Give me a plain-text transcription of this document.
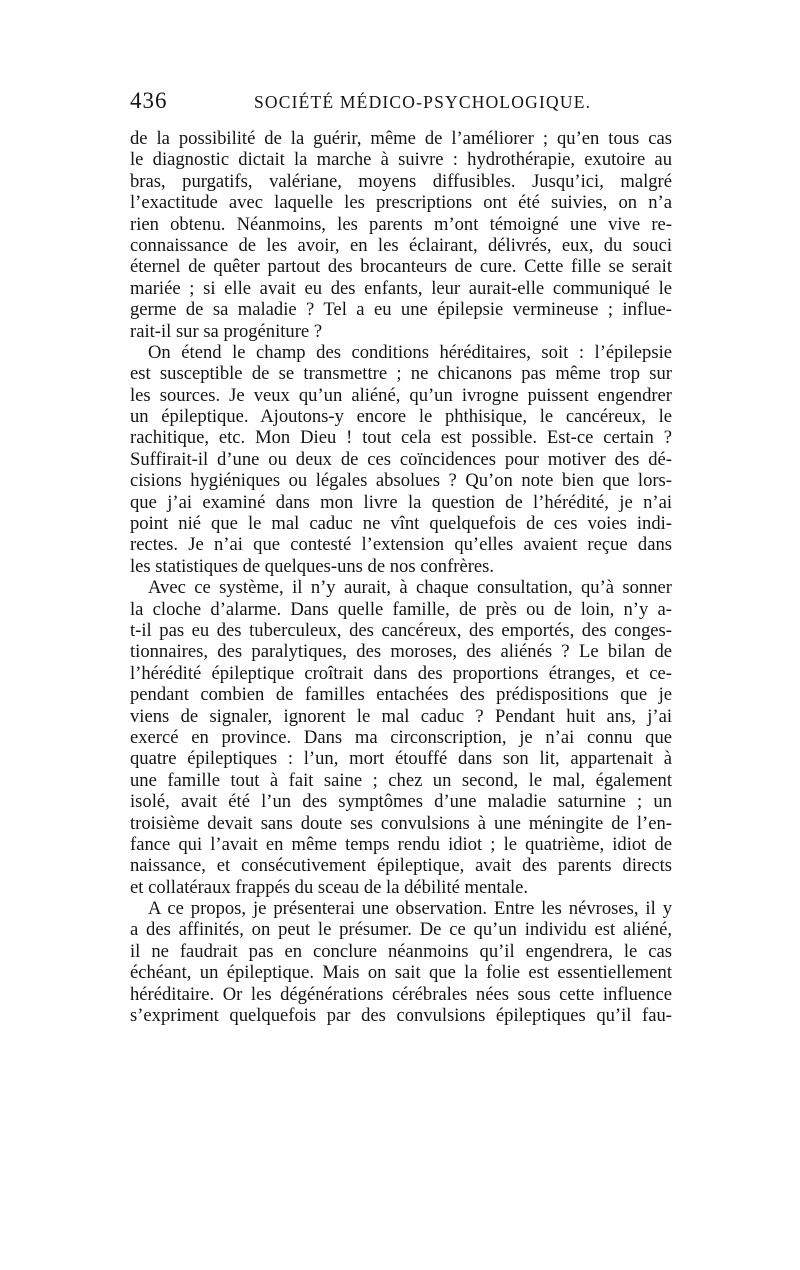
436	SOCIÉTÉ MÉDICO-PSYCHOLOGIQUE.
de la possibilité de la guérir, même de l’améliorer ; qu’en tous cas
le diagnostic dictait la marche à suivre : hydrothérapie, exutoire au
bras, purgatifs, valériane, moyens diffusibles. Jusqu’ici, malgré
l’exactitude avec laquelle les prescriptions ont été suivies, on n’a
rien obtenu. Néanmoins, les parents m’ont témoigné une vive re-
connaissance de les avoir, en les éclairant, délivrés, eux, du souci
éternel de quêter partout des brocanteurs de cure. Cette fille se serait
mariée ; si elle avait eu des enfants, leur aurait-elle communiqué le
germe de sa maladie ? Tel a eu une épilepsie vermineuse ; influe-
rait-il sur sa progéniture ?
On étend le champ des conditions héréditaires, soit : l’épilepsie
est susceptible de se transmettre ; ne chicanons pas même trop sur
les sources. Je veux qu’un aliéné, qu’un ivrogne puissent engendrer
un épileptique. Ajoutons-y encore le phthisique, le cancéreux, le
rachitique, etc. Mon Dieu ! tout cela est possible. Est-ce certain ?
Suffirait-il d’une ou deux de ces coïncidences pour motiver des dé-
cisions hygiéniques ou légales absolues ? Qu’on note bien que lors-
que j’ai examiné dans mon livre la question de l’hérédité, je n’ai
point nié que le mal caduc ne vînt quelquefois de ces voies indi-
rectes. Je n’ai que contesté l’extension qu’elles avaient reçue dans
les statistiques de quelques-uns de nos confrères.
Avec ce système, il n’y aurait, à chaque consultation, qu’à sonner
la cloche d’alarme. Dans quelle famille, de près ou de loin, n’y a-
t-il pas eu des tuberculeux, des cancéreux, des emportés, des conges-
tionnaires, des paralytiques, des moroses, des aliénés ? Le bilan de
l’hérédité épileptique croîtrait dans des proportions étranges, et ce-
pendant combien de familles entachées des prédispositions que je
viens de signaler, ignorent le mal caduc ? Pendant huit ans, j’ai
exercé en province. Dans ma circonscription, je n’ai connu que
quatre épileptiques : l’un, mort étouffé dans son lit, appartenait à
une famille tout à fait saine ; chez un second, le mal, également
isolé, avait été l’un des symptômes d’une maladie saturnine ; un
troisième devait sans doute ses convulsions à une méningite de l’en-
fance qui l’avait en même temps rendu idiot ; le quatrième, idiot de
naissance, et consécutivement épileptique, avait des parents directs
et collatéraux frappés du sceau de la débilité mentale.
A ce propos, je présenterai une observation. Entre les névroses, il y
a des affinités, on peut le présumer. De ce qu’un individu est aliéné,
il ne faudrait pas en conclure néanmoins qu’il engendrera, le cas
échéant, un épileptique. Mais on sait que la folie est essentiellement
héréditaire. Or les dégénérations cérébrales nées sous cette influence
s’expriment quelquefois par des convulsions épileptiques qu’il fau-
